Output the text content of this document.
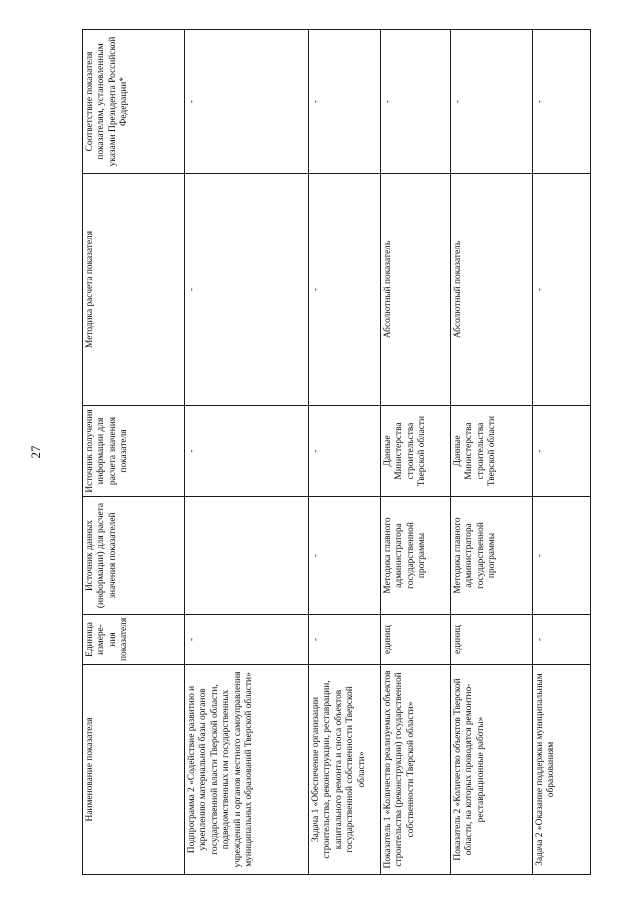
27
Наименование показателя	Единица измере-ния показателя	Источник данных (информации) для расчета значения показателей	Источник получения информации для расчета значения показателя	Методика расчета показателя	Соответствие показателя показателям, установленным указами Президента Российской Федерации*
Подпрограмма 2 «Содействие развитию и укреплению материальной базы органов государственной власти Тверской области, подведомственных им государственных учреждений и органов местного самоуправления муниципальных образований Тверской области»	-		-	-	-
Задача 1 «Обеспечение организации строительства, реконструкции, реставрации, капитального ремонта и сноса объектов государственной собственности Тверской области»	-	-	-	-	-
Показатель 1 «Количество реализуемых объектов строительства (реконструкции) государственной собственности Тверской области»	единиц	Методика главного администратора государственной программы	Данные Министерства строительства Тверской области	Абсолютный показатель	-
Показатель 2 «Количество объектов Тверской области, на которых проводятся ремонтно-реставрационные работы»	единиц	Методика главного администратора государственной программы	Данные Министерства строительства Тверской области	Абсолютный показатель	-
Задача 2 «Оказание поддержки муниципальным образованиям	-	-	-	-	-
